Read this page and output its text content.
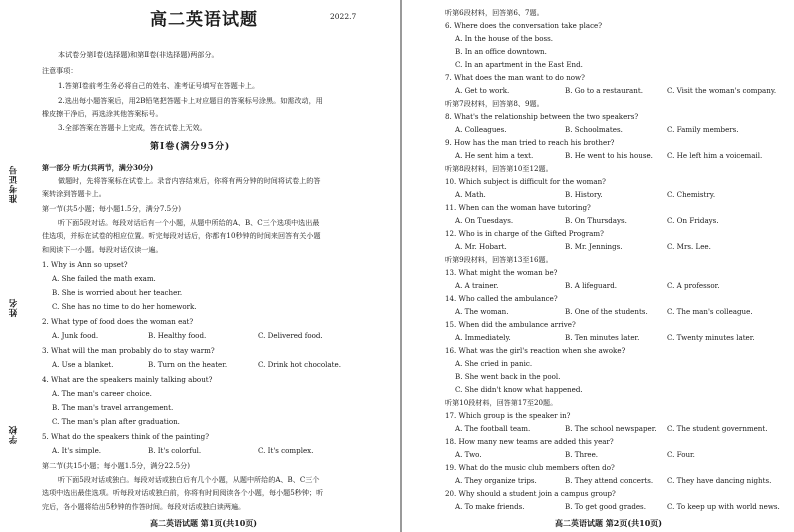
准考证号
姓名
学校
高二英语试题	2022.7
本试卷分第Ⅰ卷(选择题)和第Ⅱ卷(非选择题)两部分。
注意事项：
1.答第Ⅰ卷前考生务必将自己的姓名、准考证号填写在答题卡上。
2.选出每小题答案后，用2B铅笔把答题卡上对应题目的答案标号涂黑。如需改动，用
橡皮擦干净后，再选涂其他答案标号。
3.全部答案在答题卡上完成，答在试卷上无效。
第Ⅰ卷(满分95分)
第一部分 听力(共两节，满分30分)
做题时，先将答案标在试卷上。录音内容结束后，你将有两分钟的时间将试卷上的答
案转涂到答题卡上。
第一节(共5小题；每小题1.5分，满分7.5分)
听下面5段对话。每段对话后有一个小题，从题中所给的A、B、C三个选项中选出最
佳选项，并标在试卷的相应位置。听完每段对话后，你都有10秒钟的时间来回答有关小题
和阅读下一小题。每段对话仅读一遍。
1. Why is Ann so upset?
A. She failed the math exam.
B. She is worried about her teacher.
C. She has no time to do her homework.
2. What type of food does the woman eat?
A. Junk food.	B. Healthy food.	C. Delivered food.
3. What will the man probably do to stay warm?
A. Use a blanket.	B. Turn on the heater.	C. Drink hot chocolate.
4. What are the speakers mainly talking about?
A. The man's career choice.
B. The man's travel arrangement.
C. The man's plan after graduation.
5. What do the speakers think of the painting?
A. It's simple.	B. It's colorful.	C. It's complex.
第二节(共15小题；每小题1.5分，满分22.5分)
听下面5段对话或独白。每段对话或独白后有几个小题，从题中所给的A、B、C三个
选项中选出最佳选项。听每段对话或独白前，你将有时间阅读各个小题，每小题5秒钟；听
完后，各小题将给出5秒钟的作答时间。每段对话或独白读两遍。
高二英语试题 第1页(共10页)
听第6段材料，回答第6、7题。
6. Where does the conversation take place?
A. In the house of the boss.
B. In an office downtown.
C. In an apartment in the East End.
7. What does the man want to do now?
A. Get to work.	B. Go to a restaurant.	C. Visit the woman's company.
听第7段材料，回答第8、9题。
8. What's the relationship between the two speakers?
A. Colleagues.	B. Schoolmates.	C. Family members.
9. How has the man tried to reach his brother?
A. He sent him a text.	B. He went to his house. C. He left him a voicemail.
听第8段材料，回答第10至12题。
10. Which subject is difficult for the woman?
A. Math.	B. History.	C. Chemistry.
11. When can the woman have tutoring?
A. On Tuesdays.	B. On Thursdays.	C. On Fridays.
12. Who is in charge of the Gifted Program?
A. Mr. Hobart.	B. Mr. Jennings.	C. Mrs. Lee.
听第9段材料，回答第13至16题。
13. What might the woman be?
A. A trainer.	B. A lifeguard.	C. A professor.
14. Who called the ambulance?
A. The woman.	B. One of the students.	C. The man's colleague.
15. When did the ambulance arrive?
A. Immediately.	B. Ten minutes later.	C. Twenty minutes later.
16. What was the girl's reaction when she awoke?
A. She cried in panic.
B. She went back in the pool.
C. She didn't know what happened.
听第10段材料，回答第17至20题。
17. Which group is the speaker in?
A. The football team.	B. The school newspaper. C. The student government.
18. How many new teams are added this year?
A. Two.	B. Three.	C. Four.
19. What do the music club members often do?
A. They organize trips.	B. They attend concerts. C. They have dancing nights.
20. Why should a student join a campus group?
A. To make friends.	B. To get good grades.	C. To keep up with world news.
高二英语试题 第2页(共10页)
